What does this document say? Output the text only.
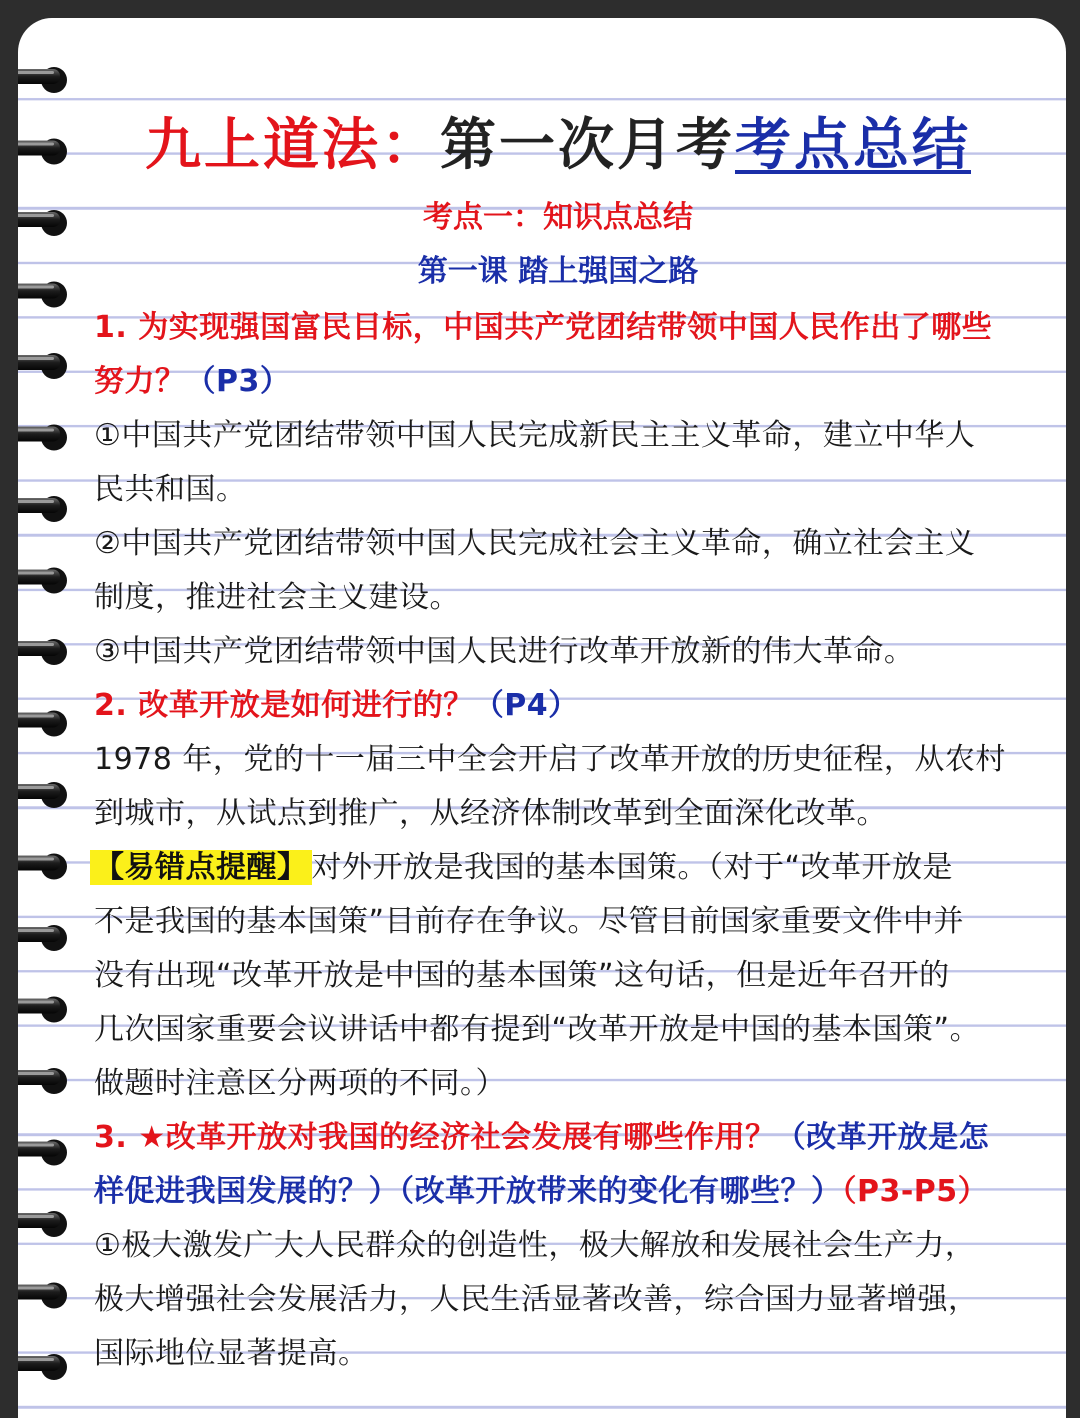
九上道法：第一次月考考点总结
考点一：知识点总结
第一课 踏上强国之路
1. 为实现强国富民目标，中国共产党团结带领中国人民作出了哪些
努力？（P3）
①中国共产党团结带领中国人民完成新民主主义革命，建立中华人
民共和国。
②中国共产党团结带领中国人民完成社会主义革命，确立社会主义
制度，推进社会主义建设。
③中国共产党团结带领中国人民进行改革开放新的伟大革命。
2. 改革开放是如何进行的？（P4）
1978 年，党的十一届三中全会开启了改革开放的历史征程，从农村
到城市，从试点到推广，从经济体制改革到全面深化改革。
【易错点提醒】 对外开放是我国的基本国策。（对于“改革开放是
不是我国的基本国策”目前存在争议。尽管目前国家重要文件中并
没有出现“改革开放是中国的基本国策”这句话，但是近年召开的
几次国家重要会议讲话中都有提到“改革开放是中国的基本国策”。
做题时注意区分两项的不同。）
3. ★改革开放对我国的经济社会发展有哪些作用？（改革开放是怎
样促进我国发展的？）（改革开放带来的变化有哪些？）（P3-P5）
①极大激发广大人民群众的创造性，极大解放和发展社会生产力，
极大增强社会发展活力，人民生活显著改善，综合国力显著增强，
国际地位显著提高。
